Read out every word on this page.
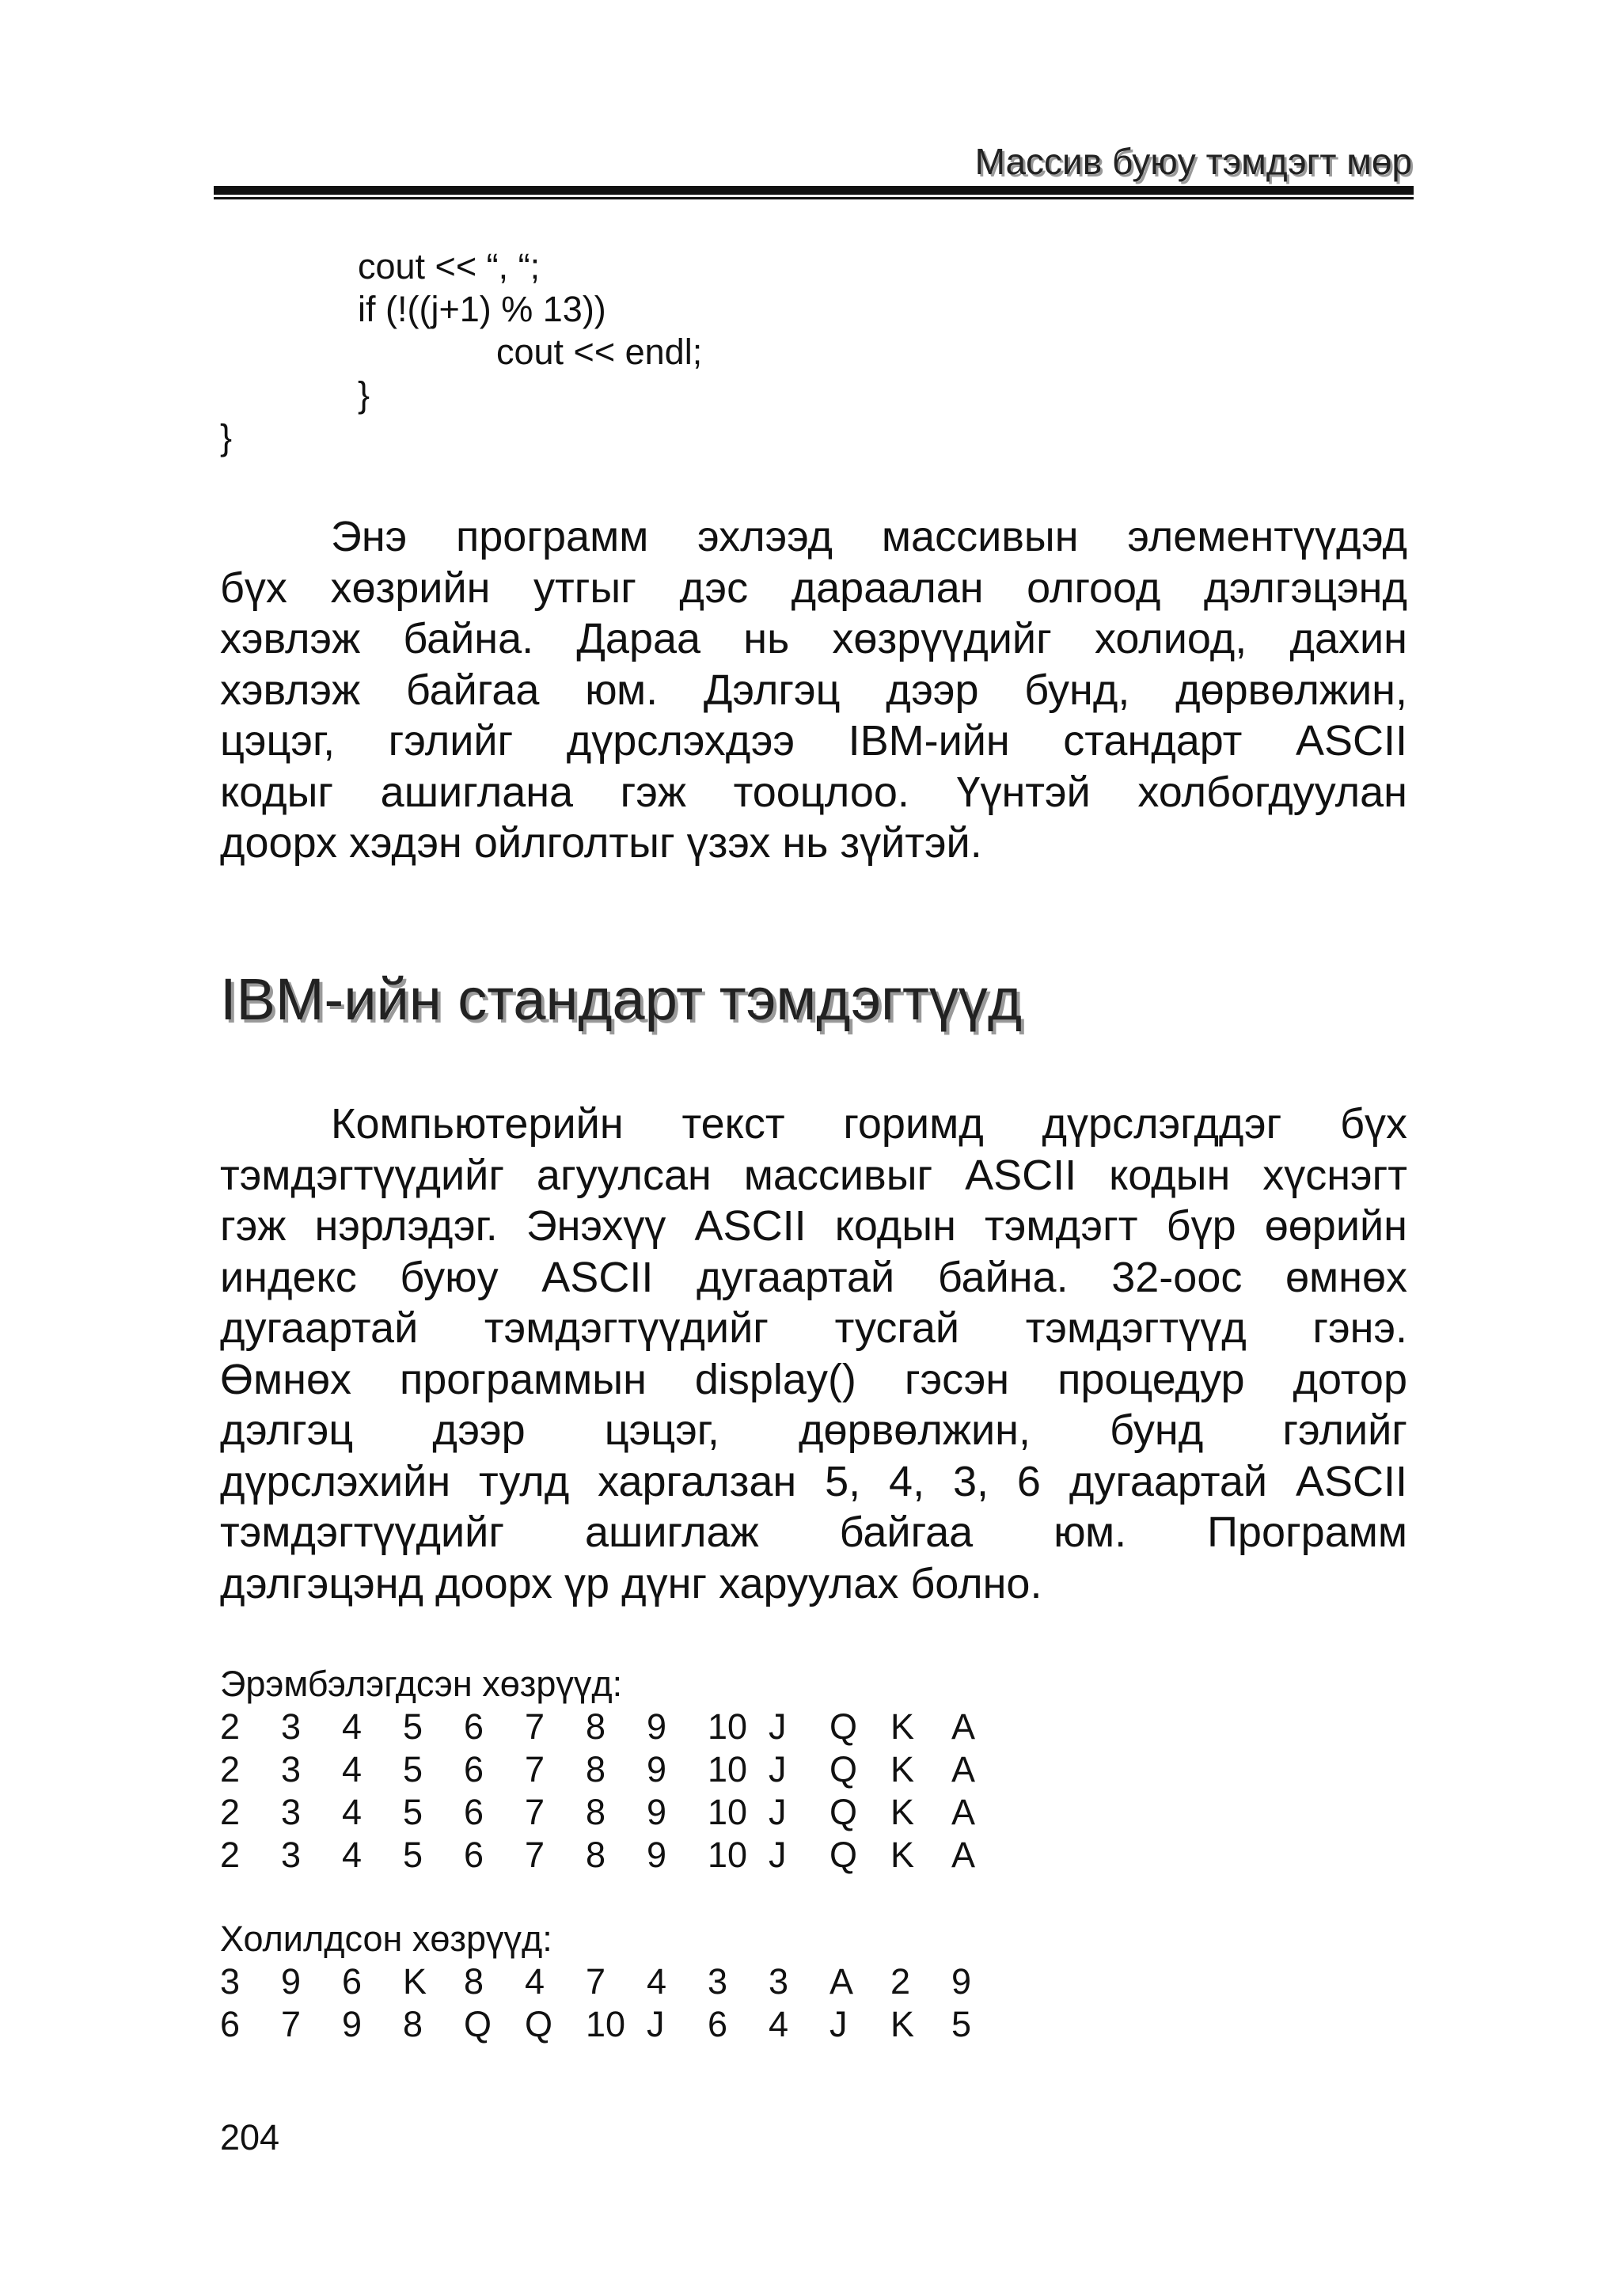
Массив буюу тэмдэгт мөр
cout << “, “;
if (!((j+1) % 13))
cout << endl;
}
}
Энэ программ эхлээд массивын элементүүдэд
бүх хөзрийн утгыг дэс дараалан олгоод дэлгэцэнд
хэвлэж байна. Дараа нь хөзрүүдийг холиод, дахин
хэвлэж байгаа юм. Дэлгэц дээр бунд, дөрвөлжин,
цэцэг, гэлийг дүрслэхдээ IBM-ийн стандарт ASCII
кодыг ашиглана гэж тооцлоо. Үүнтэй холбогдуулан
доорх хэдэн ойлголтыг үзэх нь зүйтэй.
IBM-ийн стандарт тэмдэгтүүд
Компьютерийн текст горимд дүрслэгддэг бүх
тэмдэгтүүдийг агуулсан массивыг ASCII кодын хүснэгт
гэж нэрлэдэг. Энэхүү ASCII кодын тэмдэгт бүр өөрийн
индекс буюу ASCII дугаартай байна. 32-оос өмнөх
дугаартай тэмдэгтүүдийг тусгай тэмдэгтүүд гэнэ.
Өмнөх программын display() гэсэн процедур дотор
дэлгэц дээр цэцэг, дөрвөлжин, бунд гэлийг
дүрслэхийн тулд харгалзан 5, 4, 3, 6 дугаартай ASCII
тэмдэгтүүдийг ашиглаж байгаа юм. Программ
дэлгэцэнд доорх үр дүнг харуулах болно.
Эрэмбэлэгдсэн хөзрүүд:
Холилдсон хөзрүүд:
204
2	3	4	5	6	7	8	9	10 J	Q K	A
2	3	4	5	6	7	8	9	10 J	Q K	A
2	3	4	5	6	7	8	9	10 J	Q K	A
2	3	4	5	6	7	8	9	10 J	Q K	A
3	9	6	K	8	4	7	4	3	3	A	2	9
6	7	9	8	Q Q 10 J	6	4	J	K	5
